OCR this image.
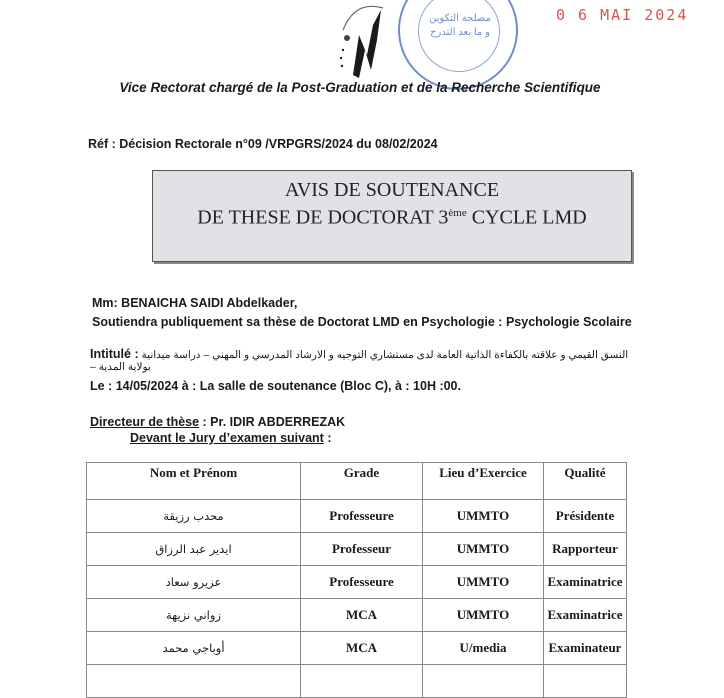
مصلحة التكوين
و ما بعد التدرج
0 6 MAI 2024
Vice Rectorat chargé de la Post-Graduation et de la Recherche Scientifique
Réf : Décision Rectorale n°09 /VRPGRS/2024 du 08/02/2024
AVIS DE SOUTENANCE
DE THESE DE DOCTORAT 3ème CYCLE LMD
Mm: BENAICHA SAIDI Abdelkader,
Soutiendra publiquement sa thèse de Doctorat LMD en Psychologie : Psychologie Scolaire
Intitulé : النسق القيمي و علاقته بالكفاءة الذاتية العامة لدى مستشاري التوجيه و الارشاد المدرسي و المهني – دراسة ميدانية بولاية المدية –
Le : 14/05/2024 à : La salle de soutenance (Bloc C), à : 10H :00.
Directeur de thèse : Pr. IDIR ABDERREZAK
Devant le Jury d’examen suivant :
Nom et Prénom	Grade	Lieu d’Exercice	Qualité
محدب رزيقة	Professeure	UMMTO	Présidente
ايدير عبد الرزاق	Professeur	UMMTO	Rapporteur
عزيرو سعاد	Professeure	UMMTO	Examinatrice
زواني نزيهة	MCA	UMMTO	Examinatrice
أوباجي محمد	MCA	U/media	Examinateur
